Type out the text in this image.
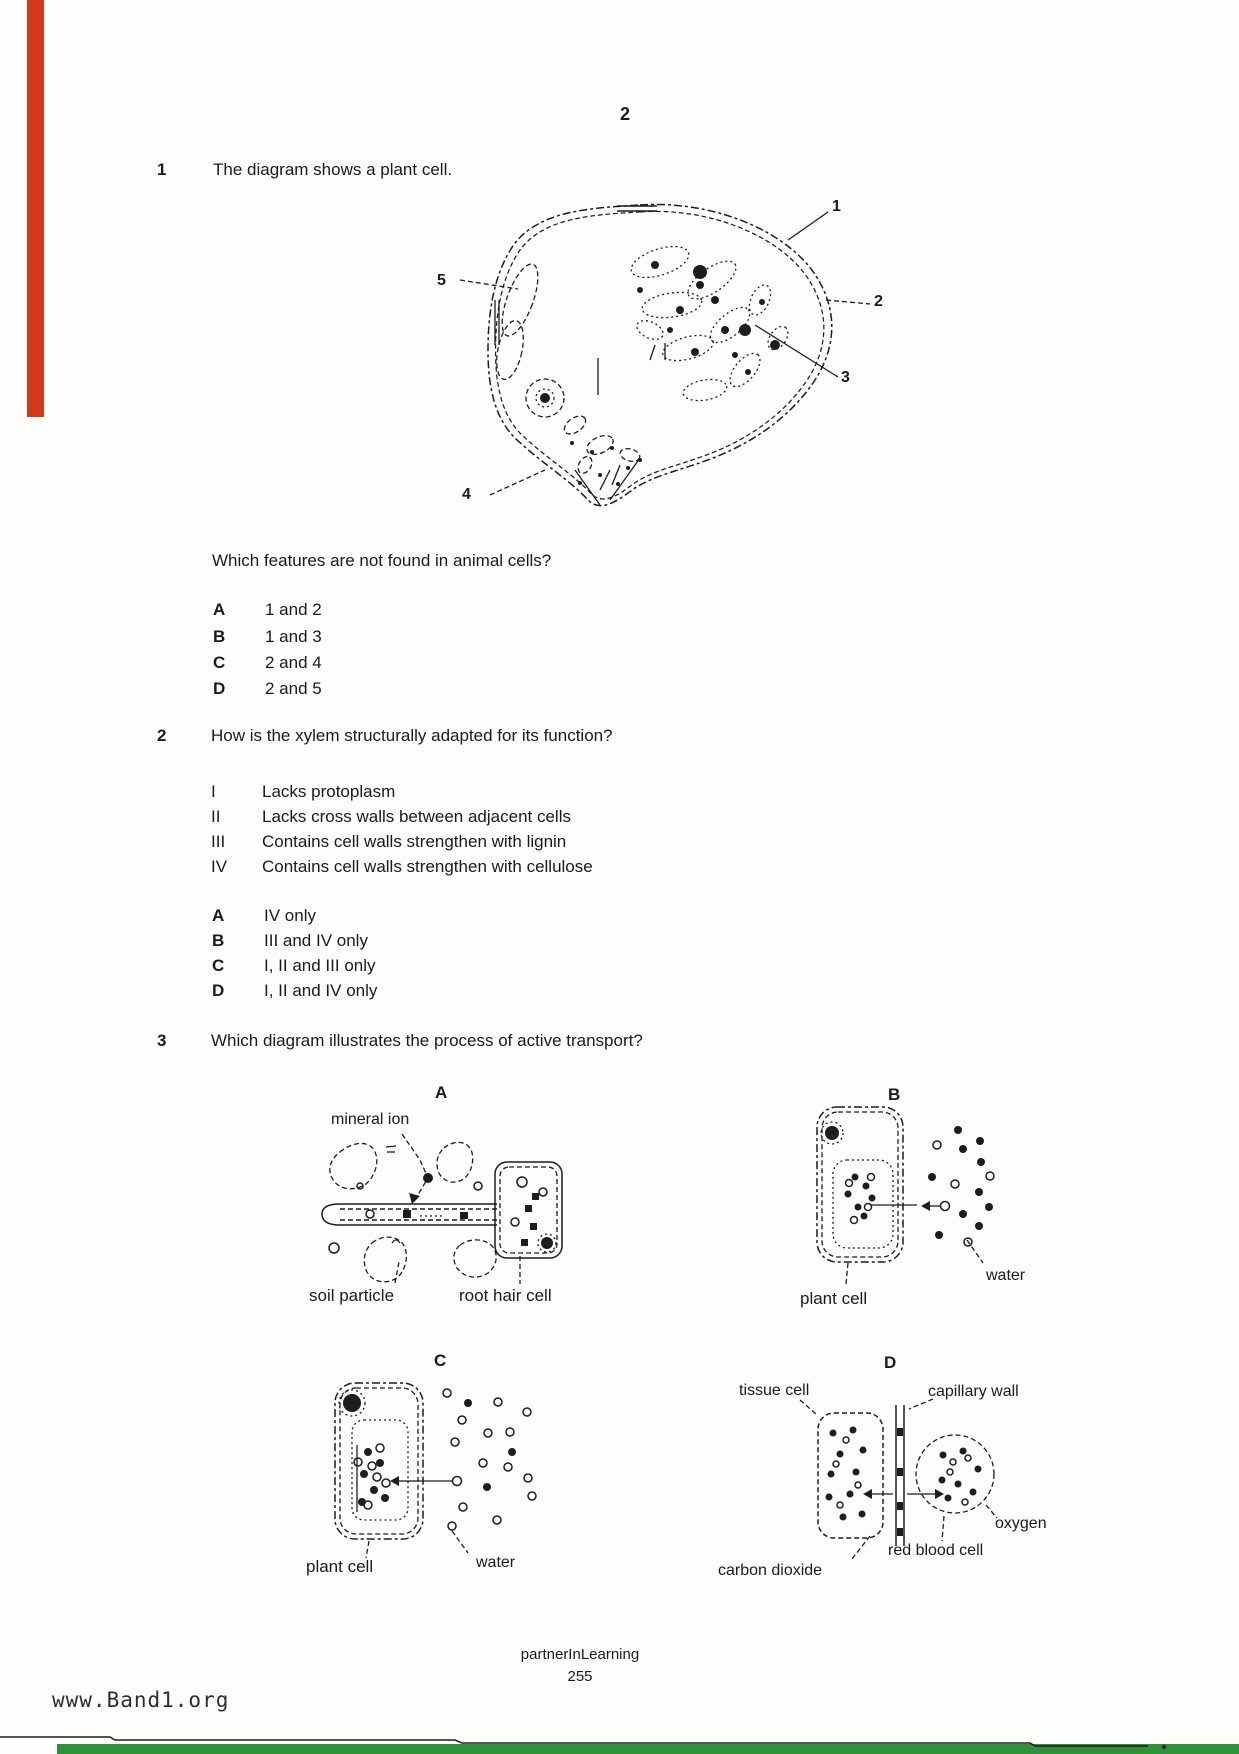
2
1	The diagram shows a plant cell.
1
2
3
4
5
Which features are not found in animal cells?
A 1 and 2
B 1 and 3
C 2 and 4
D 2 and 5
2	How is the xylem structurally adapted for its function?
I	Lacks protoplasm
II Lacks cross walls between adjacent cells
III Contains cell walls strengthen with lignin
IV Contains cell walls strengthen with cellulose
A IV only
B III and IV only
C I, II and III only
D I, II and IV only
3	Which diagram illustrates the process of active transport?
A	B
C	D
mineral ion
soil particle	root hair cell	plant cell
water
plant cell	water
tissue cell	capillary wall
oxygen
red blood cell
carbon dioxide
partnerInLearning
255
www.Band1.org
